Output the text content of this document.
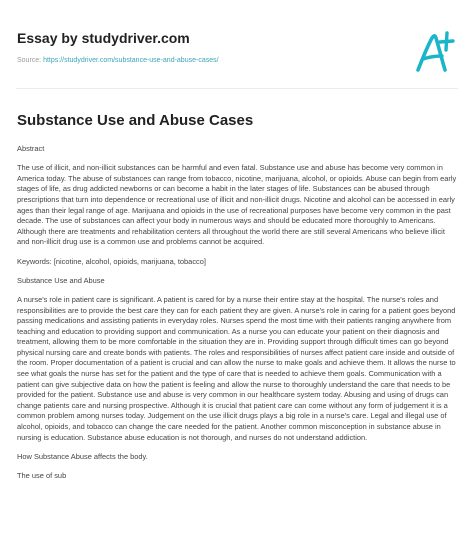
Essay by studydriver.com
Source: https://studydriver.com/substance-use-and-abuse-cases/
Substance Use and Abuse Cases

Abstract

The use of illicit, and non-illicit substances can be harmful and even fatal. Substance use and abuse has become very common in America today. The abuse of substances can range from tobacco, nicotine, marijuana, alcohol, or opioids. Abuse can begin from early stages of life, as drug addicted newborns or can become a habit in the later stages of life. Substances can be abused through prescriptions that turn into dependence or recreational use of illicit and non-illicit drugs. Nicotine and alcohol can be accessed in early ages than their legal range of age. Marijuana and opioids in the use of recreational purposes have become very common in the past decade. The use of substances can affect your body in numerous ways and should be educated more thoroughly to Americans. Although there are treatments and rehabilitation centers all throughout the world there are still several Americans who believe illicit and non-illicit drug use is a common use and problems cannot be acquired.

Keywords: [nicotine, alcohol, opioids, marijuana, tobacco]

Substance Use and Abuse

A nurse's role in patient care is significant. A patient is cared for by a nurse their entire stay at the hospital. The nurse's roles and responsibilities are to provide the best care they can for each patient they are given. A nurse's role in caring for a patient goes beyond passing medications and assisting patients in everyday roles. Nurses spend the most time with their patients ranging anywhere from teaching and education to providing support and communication. As a nurse you can educate your patient on their diagnosis and treatment, allowing them to be more comfortable in the situation they are in. Providing support through difficult times can go beyond physical nursing care and create bonds with patients. The roles and responsibilities of nurses affect patient care inside and outside of the room. Proper documentation of a patient is crucial and can allow the nurse to make goals and achieve them. It allows the nurse to see what goals the nurse has set for the patient and the type of care that is needed to achieve them goals. Communication with a patient can give subjective data on how the patient is feeling and allow the nurse to thoroughly understand the care that needs to be provided for the patient. Substance use and abuse is very common in our healthcare system today. Abusing and using of drugs can change patients care and nursing prospective. Although it is crucial that patient care can come without any form of judgement it is a common problem among nurses today. Judgement on the use illicit drugs plays a big role in a nurse's care. Legal and illegal use of alcohol, opioids, and tobacco can change the care needed for the patient. Another common misconception in substance abuse in nursing is education. Substance abuse education is not thorough, and nurses do not understand addiction.

How Substance Abuse affects the body.

The use of sub
